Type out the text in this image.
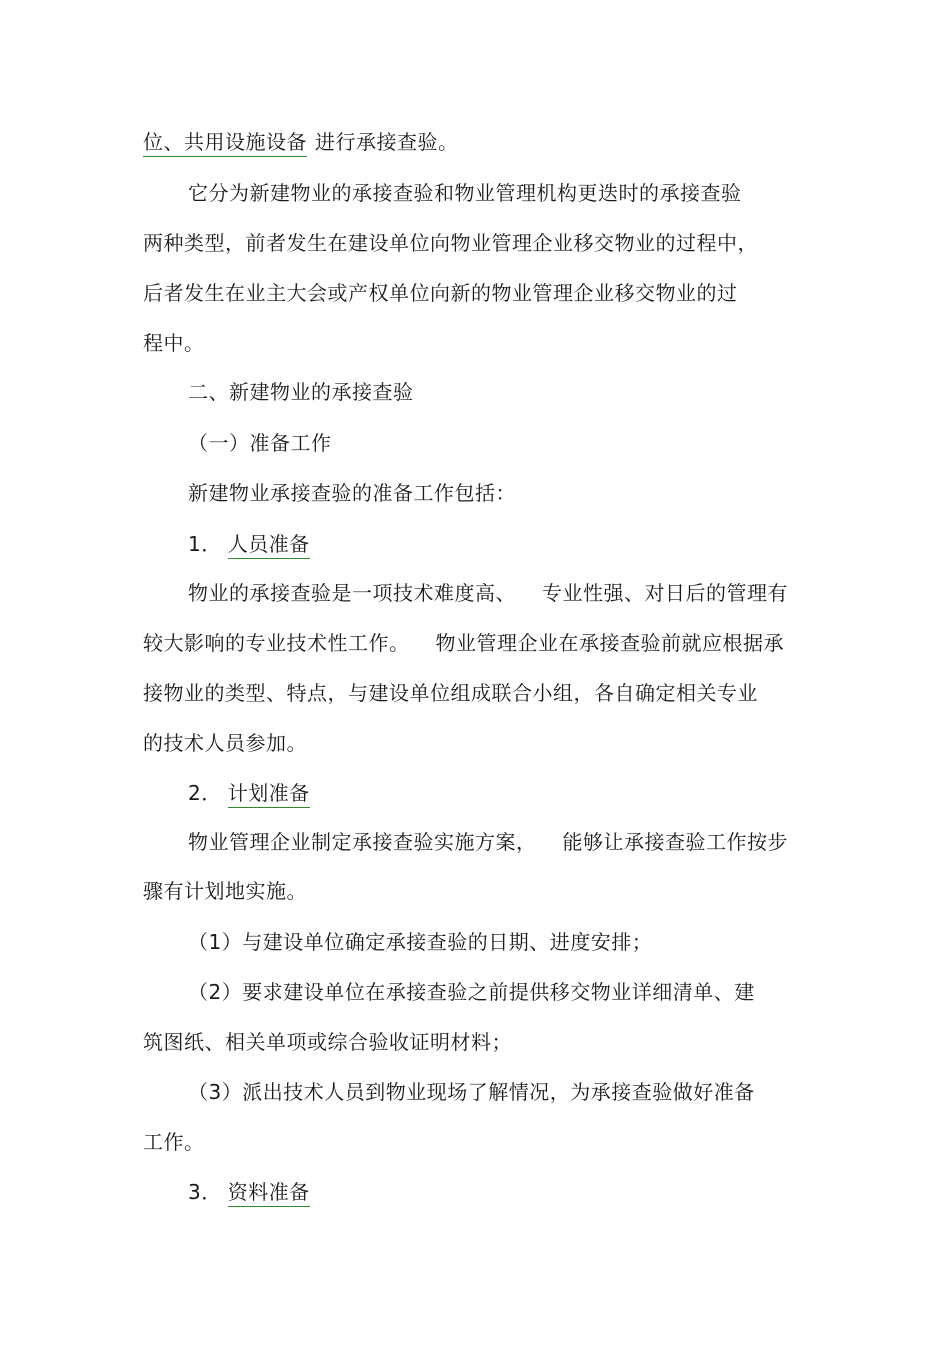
位、共用设施设备 进行承接查验。
它分为新建物业的承接查验和物业管理机构更迭时的承接查验
两种类型，前者发生在建设单位向物业管理企业移交物业的过程中，
后者发生在业主大会或产权单位向新的物业管理企业移交物业的过
程中。
二、新建物业的承接查验
（一）准备工作
新建物业承接查验的准备工作包括：
1． 人员准备
物业的承接查验是一项技术难度高、 专业性强、对日后的管理有
较大影响的专业技术性工作。 物业管理企业在承接查验前就应根据承
接物业的类型、特点，与建设单位组成联合小组，各自确定相关专业
的技术人员参加。
2． 计划准备
物业管理企业制定承接查验实施方案， 能够让承接查验工作按步
骤有计划地实施。
（1）与建设单位确定承接查验的日期、进度安排；
（2）要求建设单位在承接查验之前提供移交物业详细清单、建
筑图纸、相关单项或综合验收证明材料；
（3）派出技术人员到物业现场了解情况，为承接查验做好准备
工作。
3． 资料准备
